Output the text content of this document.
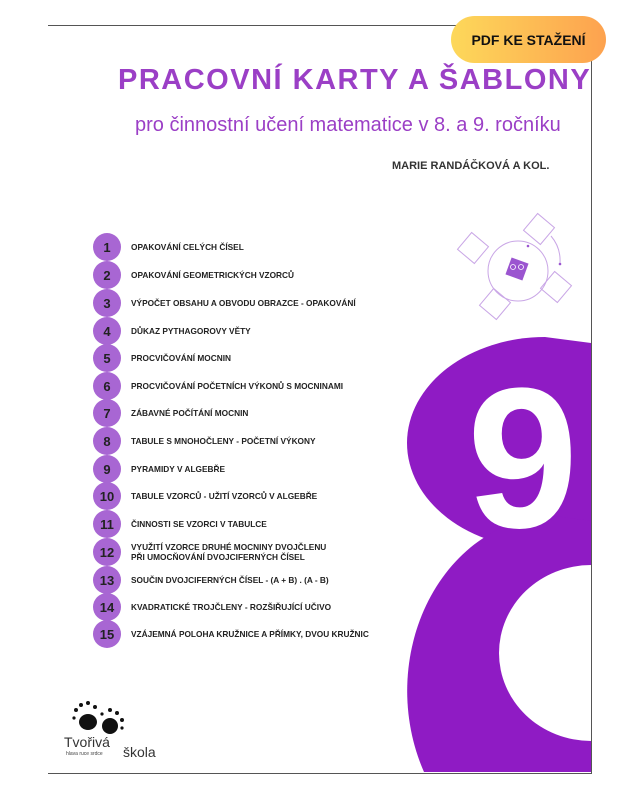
9
PRACOVNÍ KARTY A ŠABLONY
pro činnostní učení matematice v 8. a 9. ročníku
MARIE RANDÁČKOVÁ A KOL.
PDF KE STAŽENÍ
1	OPAKOVÁNÍ CELÝCH ČÍSEL
2	OPAKOVÁNÍ GEOMETRICKÝCH VZORCŮ
3	VÝPOČET OBSAHU A OBVODU OBRAZCE - OPAKOVÁNÍ
4	DŮKAZ PYTHAGOROVY VĚTY
5	PROCVIČOVÁNÍ MOCNIN
6	PROCVIČOVÁNÍ POČETNÍCH VÝKONŮ S MOCNINAMI
7	ZÁBAVNÉ POČÍTÁNÍ MOCNIN
8	TABULE S MNOHOČLENY - POČETNÍ VÝKONY
9	PYRAMIDY V ALGEBŘE
10	TABULE VZORCŮ - UŽITÍ VZORCŮ V ALGEBŘE
11	ČINNOSTI SE VZORCI V TABULCE
12	VYUŽITÍ VZORCE DRUHÉ MOCNINY DVOJČLENU
PŘI UMOCŇOVÁNÍ DVOJCIFERNÝCH ČÍSEL
13	SOUČIN DVOJCIFERNÝCH ČÍSEL - (A + B) . (A - B)
14	KVADRATICKÉ TROJČLENY - ROZŠIŘUJÍCÍ UČIVO
15	VZÁJEMNÁ POLOHA KRUŽNICE A PŘÍMKY, DVOU KRUŽNIC
Tvořivá
hlava ruce srdce škola
